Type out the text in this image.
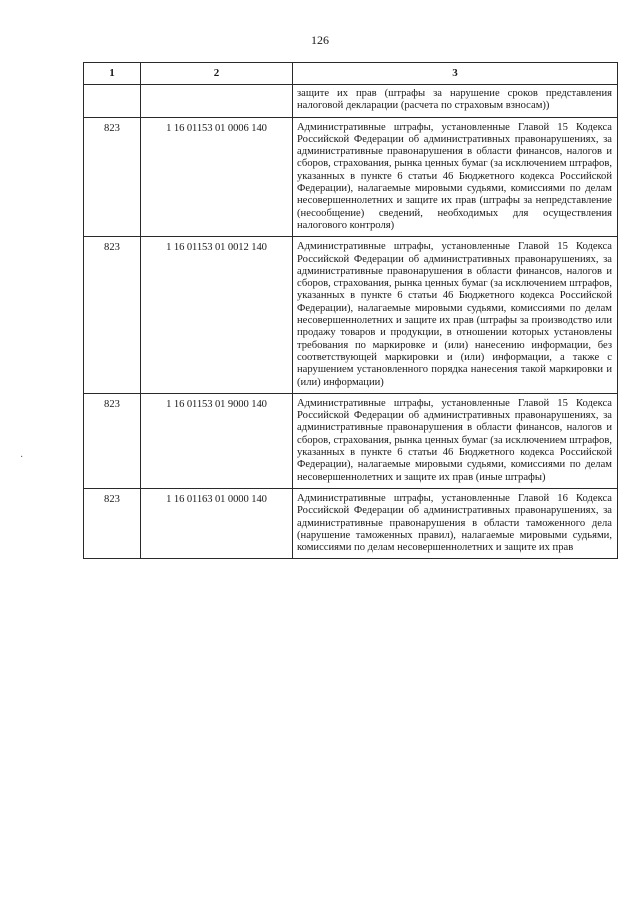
126
·
1	2	3
		защите их прав (штрафы за нарушение сроков представления налоговой декларации (расчета по страховым взносам))
823	1 16 01153 01 0006 140	Административные штрафы, установленные Главой 15 Кодекса Российской Федерации об административных правонарушениях, за административные правонарушения в области финансов, налогов и сборов, страхования, рынка ценных бумаг (за исключением штрафов, указанных в пункте 6 статьи 46 Бюджетного кодекса Российской Федерации), налагаемые мировыми судьями, комиссиями по делам несовершеннолетних и защите их прав (штрафы за непредставление (несообщение) сведений, необходимых для осуществления налогового контроля)
823	1 16 01153 01 0012 140	Административные штрафы, установленные Главой 15 Кодекса Российской Федерации об административных правонарушениях, за административные правонарушения в области финансов, налогов и сборов, страхования, рынка ценных бумаг (за исключением штрафов, указанных в пункте 6 статьи 46 Бюджетного кодекса Российской Федерации), налагаемые мировыми судьями, комиссиями по делам несовершеннолетних и защите их прав (штрафы за производство или продажу товаров и продукции, в отношении которых установлены требования по маркировке и (или) нанесению информации, без соответствующей маркировки и (или) информации, а также с нарушением установленного порядка нанесения такой маркировки и (или) информации)
823	1 16 01153 01 9000 140	Административные штрафы, установленные Главой 15 Кодекса Российской Федерации об административных правонарушениях, за административные правонарушения в области финансов, налогов и сборов, страхования, рынка ценных бумаг (за исключением штрафов, указанных в пункте 6 статьи 46 Бюджетного кодекса Российской Федерации), налагаемые мировыми судьями, комиссиями по делам несовершеннолетних и защите их прав (иные штрафы)
823	1 16 01163 01 0000 140	Административные штрафы, установленные Главой 16 Кодекса Российской Федерации об административных правонарушениях, за административные правонарушения в области таможенного дела (нарушение таможенных правил), налагаемые мировыми судьями, комиссиями по делам несовершеннолетних и защите их прав
